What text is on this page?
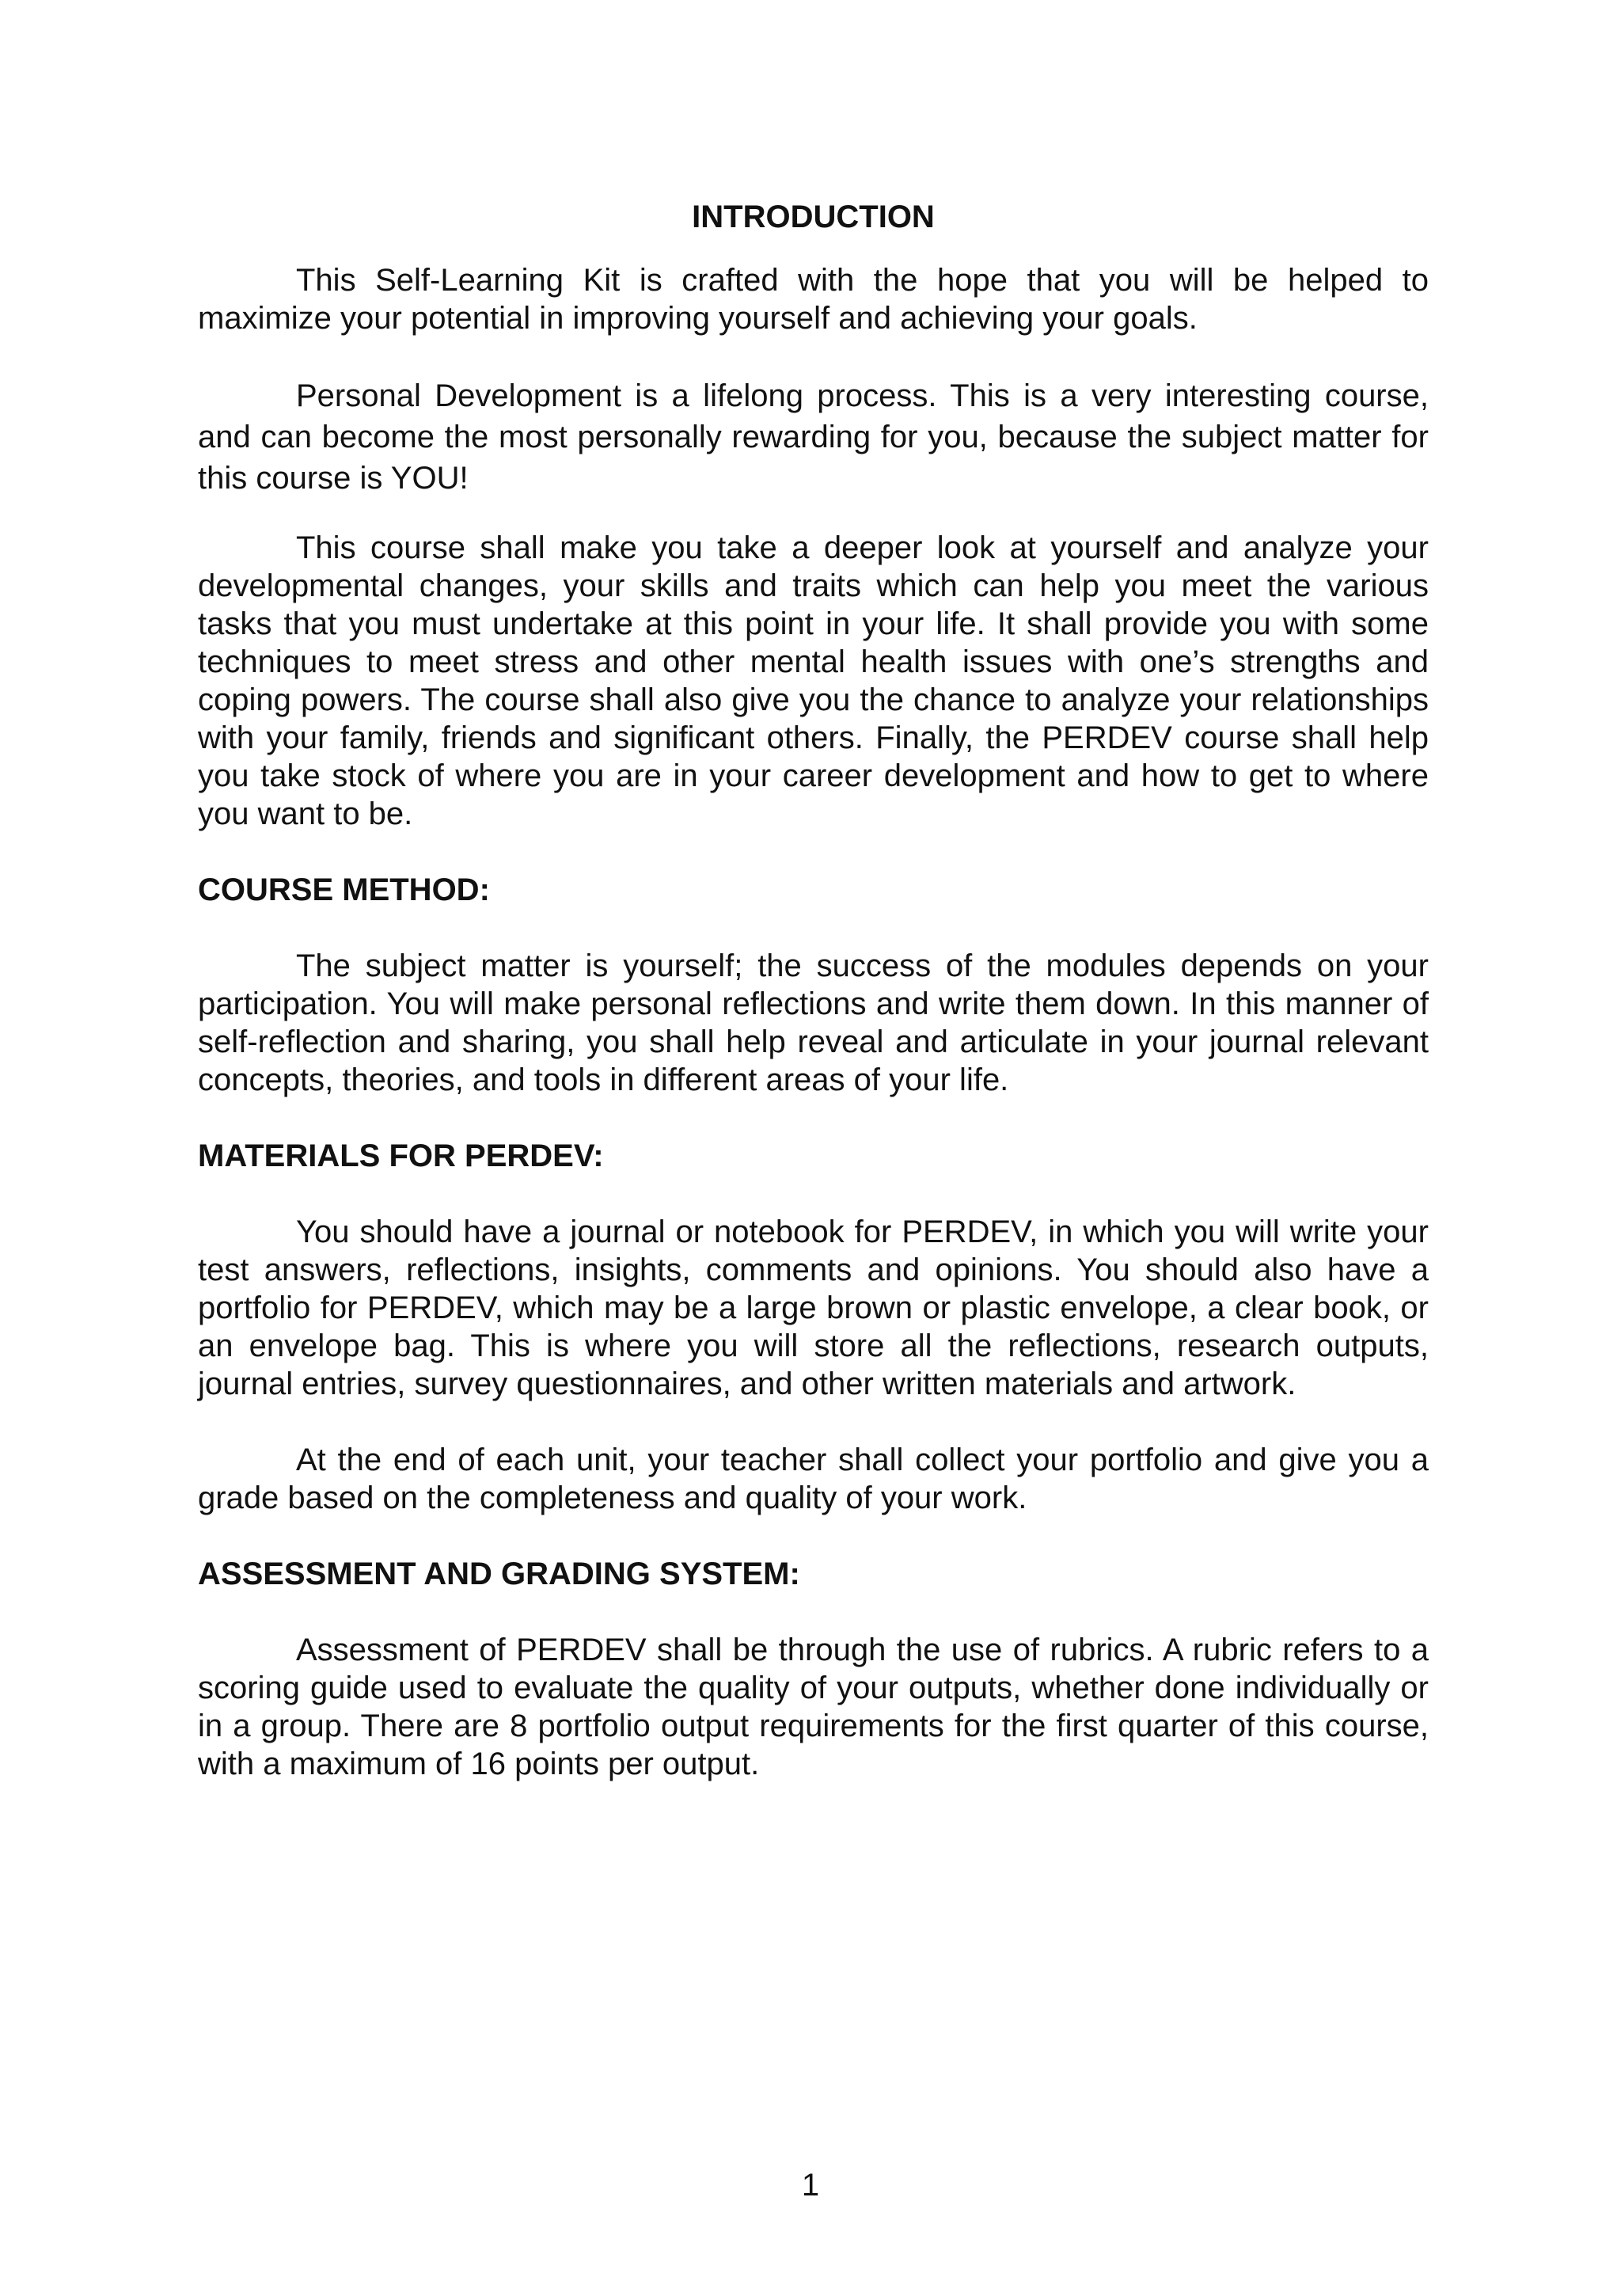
INTRODUCTION

This Self-Learning Kit is crafted with the hope that you will be helped to maximize your potential in improving yourself and achieving your goals.

Personal Development is a lifelong process. This is a very interesting course, and can become the most personally rewarding for you, because the subject matter for this course is YOU!

This course shall make you take a deeper look at yourself and analyze your developmental changes, your skills and traits which can help you meet the various tasks that you must undertake at this point in your life. It shall provide you with some techniques to meet stress and other mental health issues with one’s strengths and coping powers. The course shall also give you the chance to analyze your relationships with your family, friends and significant others. Finally, the PERDEV course shall help you take stock of where you are in your career development and how to get to where you want to be.

COURSE METHOD:

The subject matter is yourself; the success of the modules depends on your participation. You will make personal reflections and write them down. In this manner of self-reflection and sharing, you shall help reveal and articulate in your journal relevant concepts, theories, and tools in different areas of your life.

MATERIALS FOR PERDEV:

You should have a journal or notebook for PERDEV, in which you will write your test answers, reflections, insights, comments and opinions. You should also have a portfolio for PERDEV, which may be a large brown or plastic envelope, a clear book, or an envelope bag. This is where you will store all the reflections, research outputs, journal entries, survey questionnaires, and other written materials and artwork.

At the end of each unit, your teacher shall collect your portfolio and give you a grade based on the completeness and quality of your work.

ASSESSMENT AND GRADING SYSTEM:

Assessment of PERDEV shall be through the use of rubrics. A rubric refers to a scoring guide used to evaluate the quality of your outputs, whether done individually or in a group. There are 8 portfolio output requirements for the first quarter of this course, with a maximum of 16 points per output.

1
